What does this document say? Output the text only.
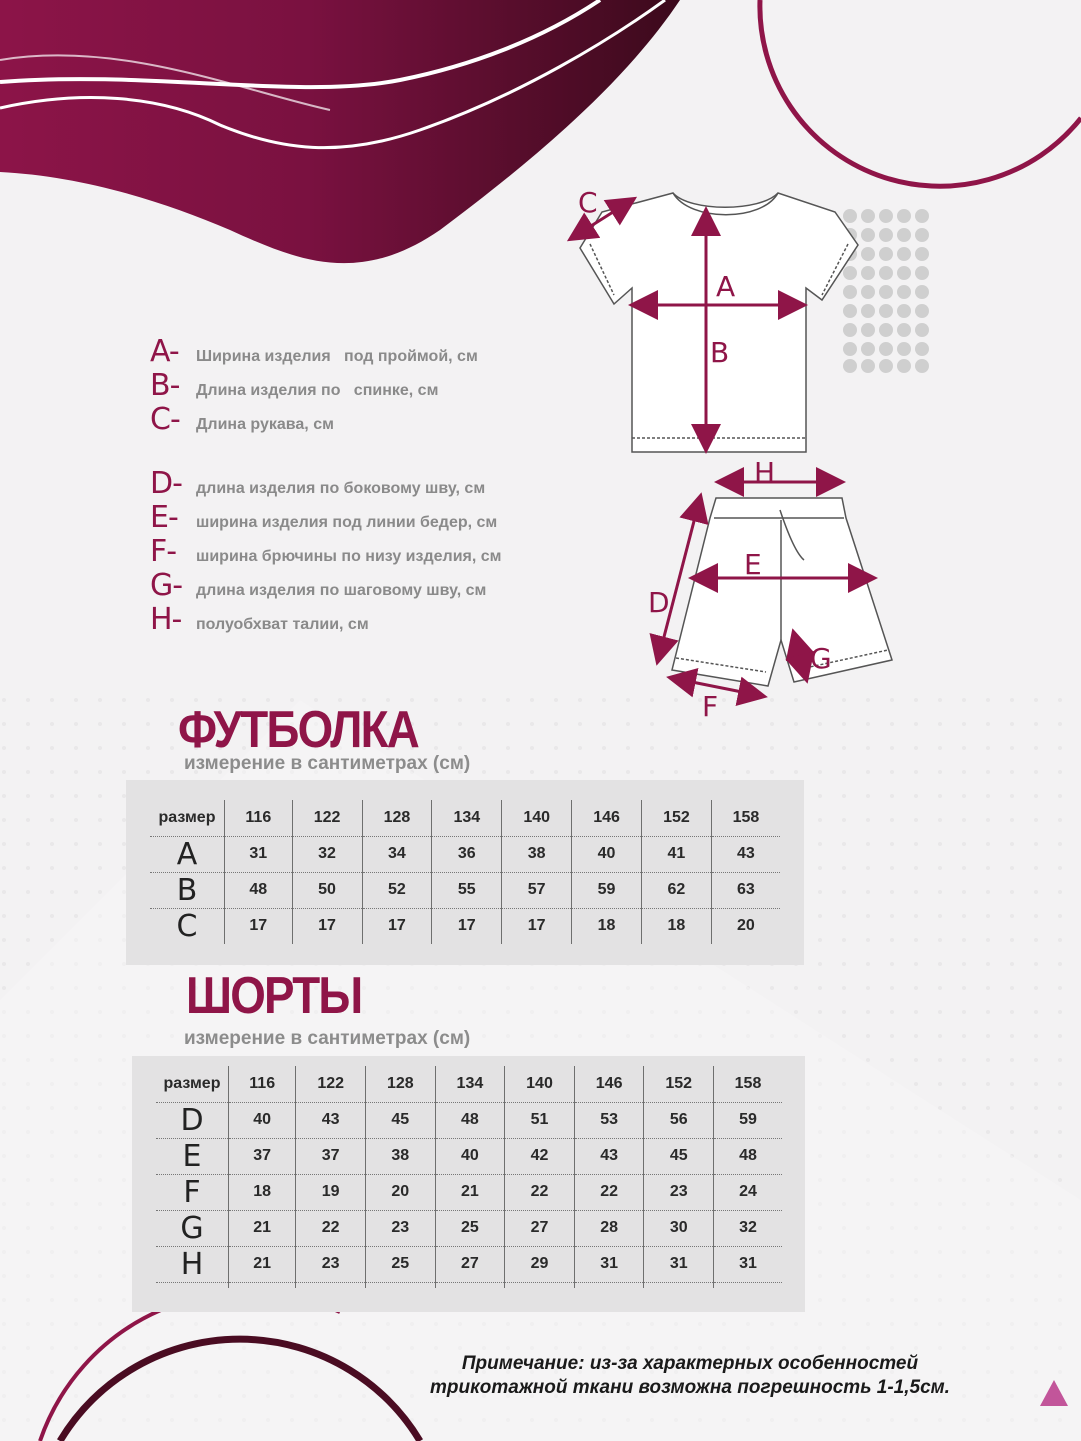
A
B
C
H
E
D
F
G
A-	Ширина изделия   под проймой, см
B-	Длина изделия по   спинке, см
C-	Длина рукава, см
D- длина изделия по боковому шву, см
E-	ширина изделия под линии бедер, см
F-	ширина брючины по низу изделия, см
G- длина изделия по шаговому шву, см
H- полуобхват талии, см
ФУТБОЛКА
измерение в сантиметрах (см)
размер	116	122	128	134	140	146	152	158
A	31	32	34	36	38	40	41	43
B	48	50	52	55	57	59	62	63
C	17	17	17	17	17	18	18	20
ШОРТЫ
измерение в сантиметрах (см)
размер	116	122	128	134	140	146	152	158
D	40	43	45	48	51	53	56	59
E	37	37	38	40	42	43	45	48
F	18	19	20	21	22	22	23	24
G	21	22	23	25	27	28	30	32
H	21	23	25	27	29	31	31	31

Примечание: из-за характерных особенностей
трикотажной ткани возможна погрешность 1-1,5см.
